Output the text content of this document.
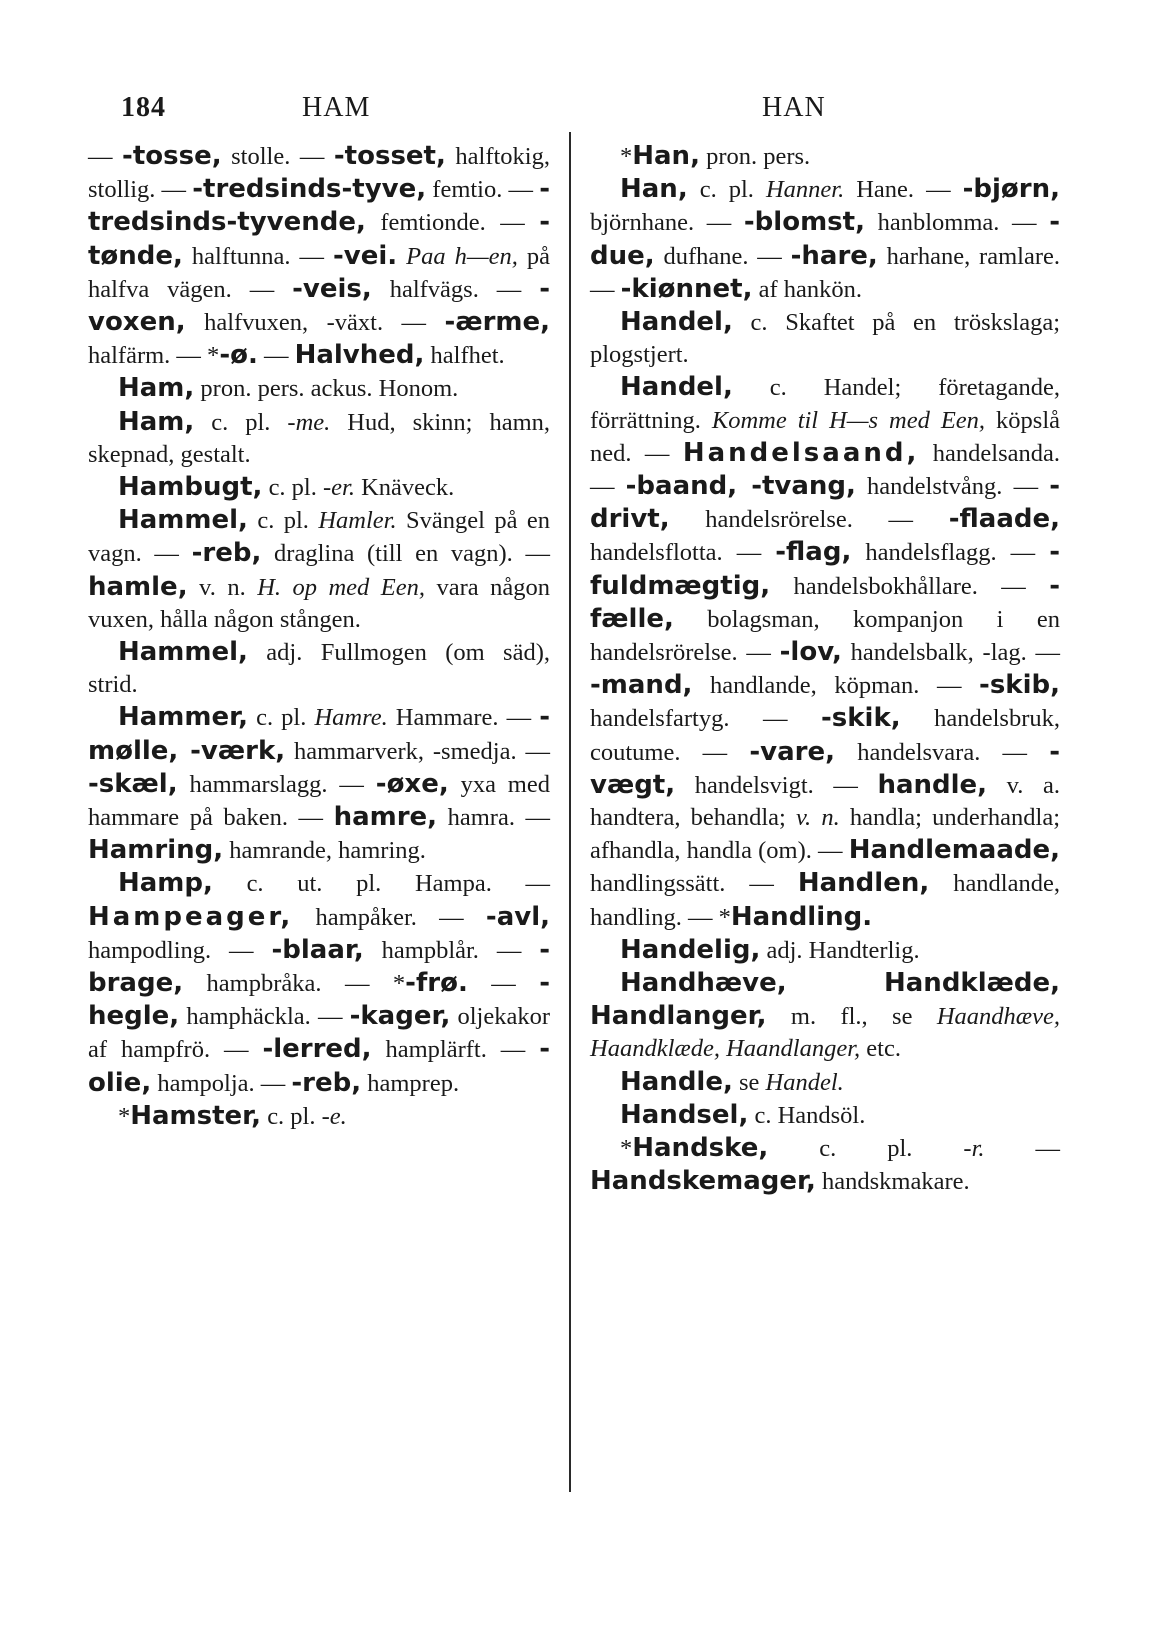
184	HAM	HAN

— -tosse, stolle. — -tosset, halftokig, stollig. — -tredsinds-tyve, femtio. — -tredsinds-tyvende, femtionde. — -tønde, halftunna. — -vei. Paa h—en, på halfva vägen. — -veis, halfvägs. — -voxen, halfvuxen, -växt. — -ærme, halfärm. — *-ø. — Halvhed, halfhet.

Ham, pron. pers. ackus. Honom.

Ham, c. pl. -me. Hud, skinn; hamn, skepnad, gestalt.

Hambugt, c. pl. -er. Knäveck.

Hammel, c. pl. Hamler. Svängel på en vagn. — -reb, draglina (till en vagn). — hamle, v. n. H. op med Een, vara någon vuxen, hålla någon stången.

Hammel, adj. Fullmogen (om säd), strid.

Hammer, c. pl. Hamre. Hammare. — -mølle, -værk, hammarverk, -smedja. — -skæl, hammarslagg. — -øxe, yxa med hammare på baken. — hamre, hamra. — Hamring, hamrande, hamring.

Hamp, c. ut. pl. Hampa. — Hampeager, hampåker. — -avl, hampodling. — -blaar, hampblår. — -brage, hampbråka. — *-frø. — -hegle, hamphäckla. — -kager, oljekakor af hampfrö. — -lerred, hamplärft. — -olie, hampolja. — -reb, hamprep.

*Hamster, c. pl. -e.

*Han, pron. pers.

Han, c. pl. Hanner. Hane. — -bjørn, björnhane. — -blomst, hanblomma. — -due, dufhane. — -hare, harhane, ramlare. — -kiønnet, af hankön.

Handel, c. Skaftet på en tröskslaga; plogstjert.

Handel, c. Handel; företagande, förrättning. Komme til H—s med Een, köpslå ned. — Handelsaand, handelsanda. — -baand, -tvang, handelstvång. — -drivt, handelsrörelse. — -flaade, handelsflotta. — -flag, handelsflagg. — -fuldmægtig, handelsbokhållare. — -fælle, bolagsman, kompanjon i en handelsrörelse. — -lov, handelsbalk, -lag. — -mand, handlande, köpman. — -skib, handelsfartyg. — -skik, handelsbruk, coutume. — -vare, handelsvara. — -vægt, handelsvigt. — handle, v. a. handtera, behandla; v. n. handla; underhandla; afhandla, handla (om). — Handlemaade, handlingssätt. — Handlen, handlande, handling. — *Handling.

Handelig, adj. Handterlig.

Handhæve, Handklæde, Handlanger, m. fl., se Haandhæve, Haandklæde, Haandlanger, etc.

Handle, se Handel.

Handsel, c. Handsöl.

*Handske, c. pl. -r. — Handskemager, handskmakare.
